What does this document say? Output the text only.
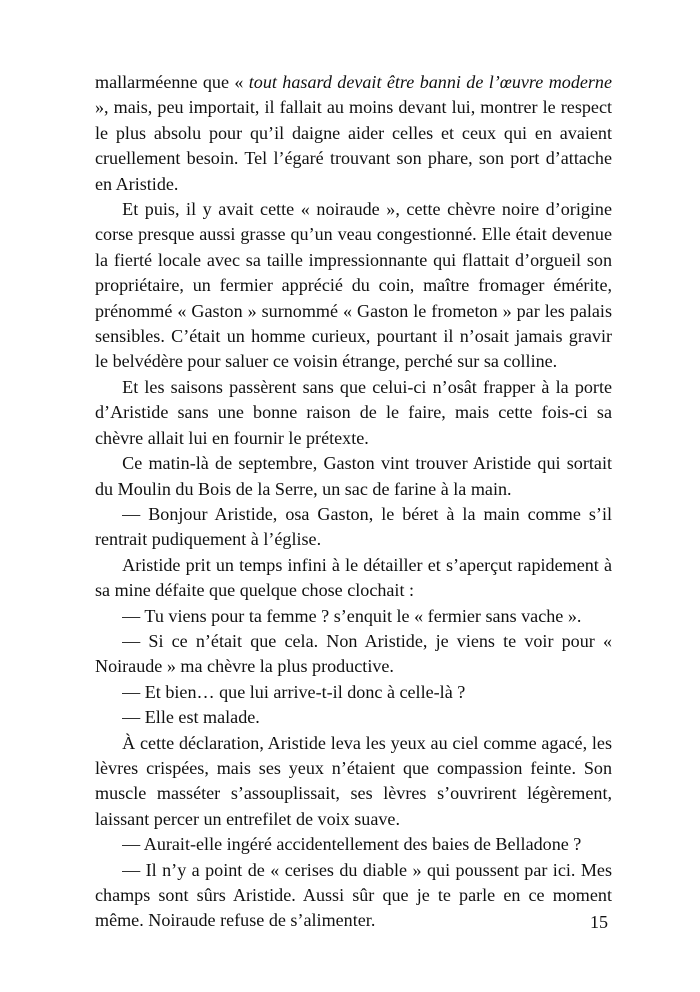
mallarméenne que « tout hasard devait être banni de l’œuvre moderne », mais, peu importait, il fallait au moins devant lui, montrer le respect le plus absolu pour qu’il daigne aider celles et ceux qui en avaient cruellement besoin. Tel l’égaré trouvant son phare, son port d’attache en Aristide.

Et puis, il y avait cette « noiraude », cette chèvre noire d’origine corse presque aussi grasse qu’un veau congestionné. Elle était devenue la fierté locale avec sa taille impressionnante qui flattait d’orgueil son propriétaire, un fermier apprécié du coin, maître fromager émérite, prénommé « Gaston » surnommé « Gaston le frometon » par les palais sensibles. C’était un homme curieux, pourtant il n’osait jamais gravir le belvédère pour saluer ce voisin étrange, perché sur sa colline.

Et les saisons passèrent sans que celui-ci n’osât frapper à la porte d’Aristide sans une bonne raison de le faire, mais cette fois-ci sa chèvre allait lui en fournir le prétexte.

Ce matin-là de septembre, Gaston vint trouver Aristide qui sortait du Moulin du Bois de la Serre, un sac de farine à la main.

— Bonjour Aristide, osa Gaston, le béret à la main comme s’il rentrait pudiquement à l’église.

Aristide prit un temps infini à le détailler et s’aperçut rapidement à sa mine défaite que quelque chose clochait :

— Tu viens pour ta femme ? s’enquit le « fermier sans vache ».

— Si ce n’était que cela. Non Aristide, je viens te voir pour « Noiraude » ma chèvre la plus productive.

— Et bien… que lui arrive-t-il donc à celle-là ?

— Elle est malade.

À cette déclaration, Aristide leva les yeux au ciel comme agacé, les lèvres crispées, mais ses yeux n’étaient que compassion feinte. Son muscle masséter s’assouplissait, ses lèvres s’ouvrirent légèrement, laissant percer un entrefilet de voix suave.

— Aurait-elle ingéré accidentellement des baies de Belladone ?

— Il n’y a point de « cerises du diable » qui poussent par ici. Mes champs sont sûrs Aristide. Aussi sûr que je te parle en ce moment même. Noiraude refuse de s’alimenter.	15
